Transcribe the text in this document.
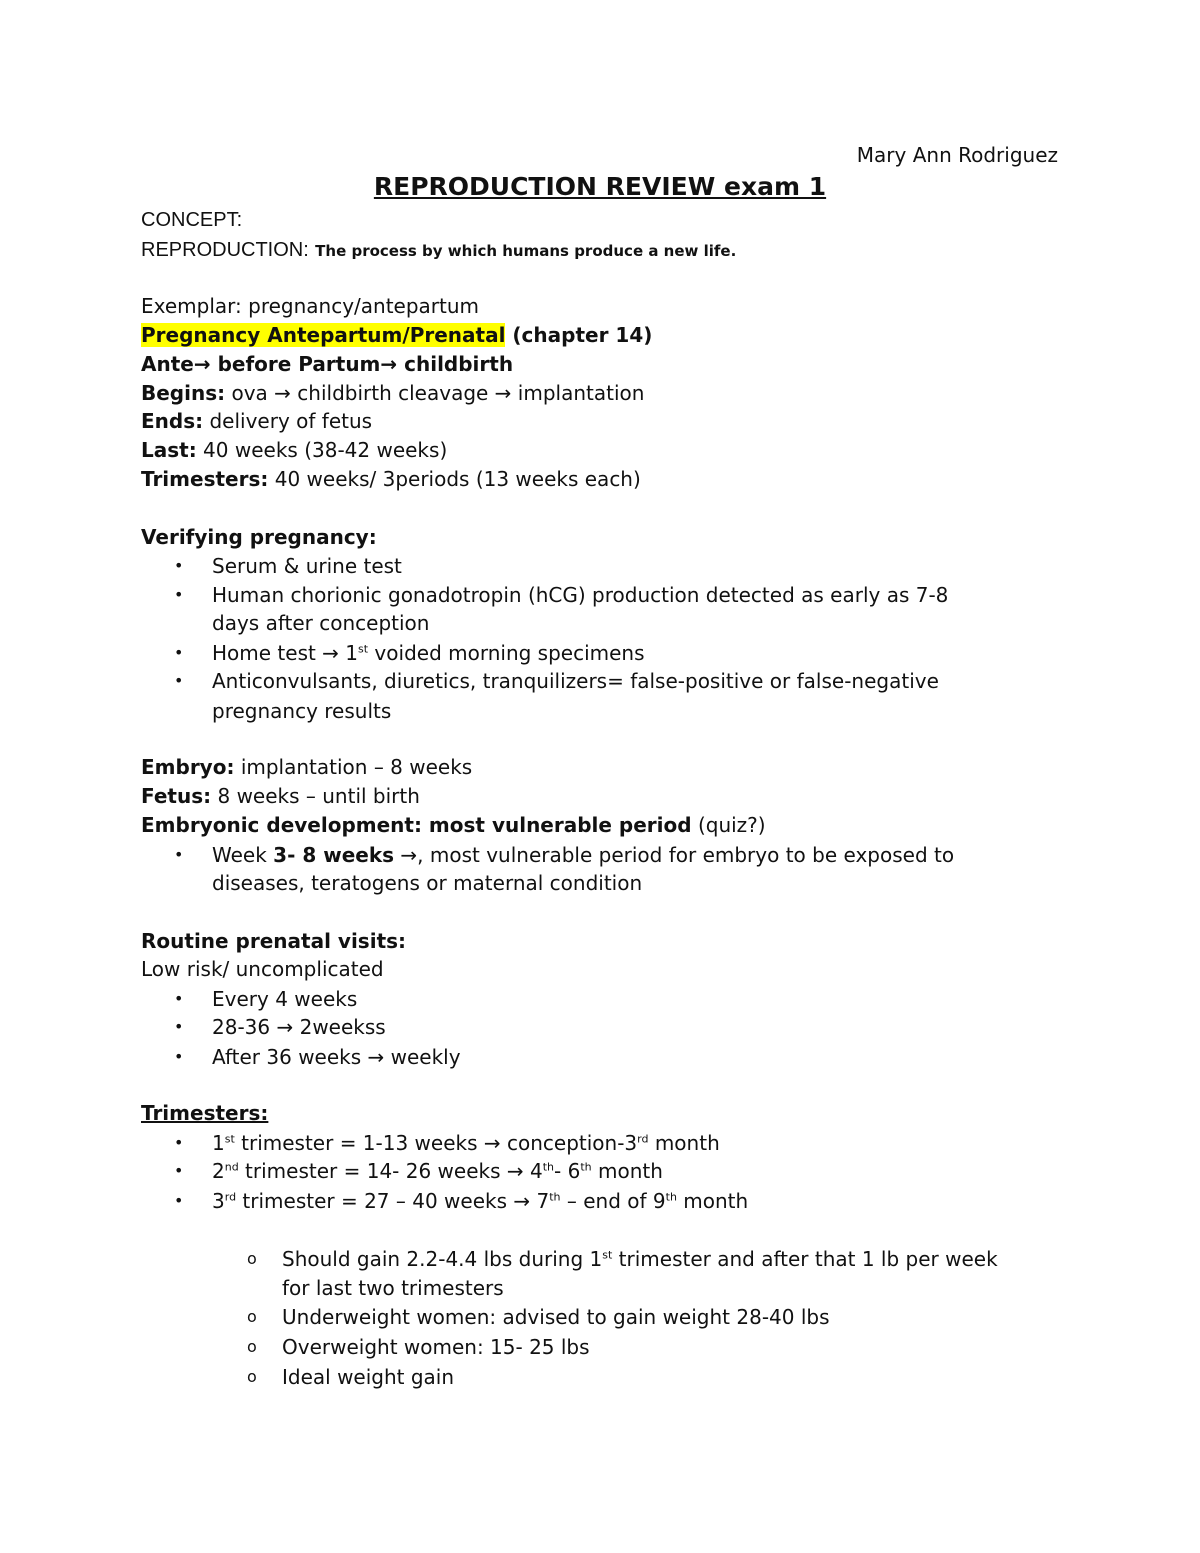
Mary Ann Rodriguez
REPRODUCTION REVIEW exam 1
CONCEPT:
REPRODUCTION: The process by which humans produce a new life.
Exemplar: pregnancy/antepartum
Pregnancy Antepartum/Prenatal (chapter 14)
Ante→ before Partum→ childbirth
Begins: ova → childbirth cleavage → implantation
Ends: delivery of fetus
Last: 40 weeks (38-42 weeks)
Trimesters: 40 weeks/ 3periods (13 weeks each)
Verifying pregnancy:
• Serum & urine test
• Human chorionic gonadotropin (hCG) production detected as early as 7-8
days after conception
• Home test → 1st voided morning specimens
• Anticonvulsants, diuretics, tranquilizers= false-positive or false-negative
pregnancy results
Embryo: implantation – 8 weeks
Fetus: 8 weeks – until birth
Embryonic development: most vulnerable period (quiz?)
• Week 3- 8 weeks →, most vulnerable period for embryo to be exposed to
diseases, teratogens or maternal condition
Routine prenatal visits:
Low risk/ uncomplicated
• Every 4 weeks
• 28-36 → 2weekss
• After 36 weeks → weekly
Trimesters:
• 1st trimester = 1-13 weeks → conception-3rd month
• 2nd trimester = 14- 26 weeks → 4th- 6th month
• 3rd trimester = 27 – 40 weeks → 7th – end of 9th month
o Should gain 2.2-4.4 lbs during 1st trimester and after that 1 lb per week
for last two trimesters
o Underweight women: advised to gain weight 28-40 lbs
o Overweight women: 15- 25 lbs
o Ideal weight gain
